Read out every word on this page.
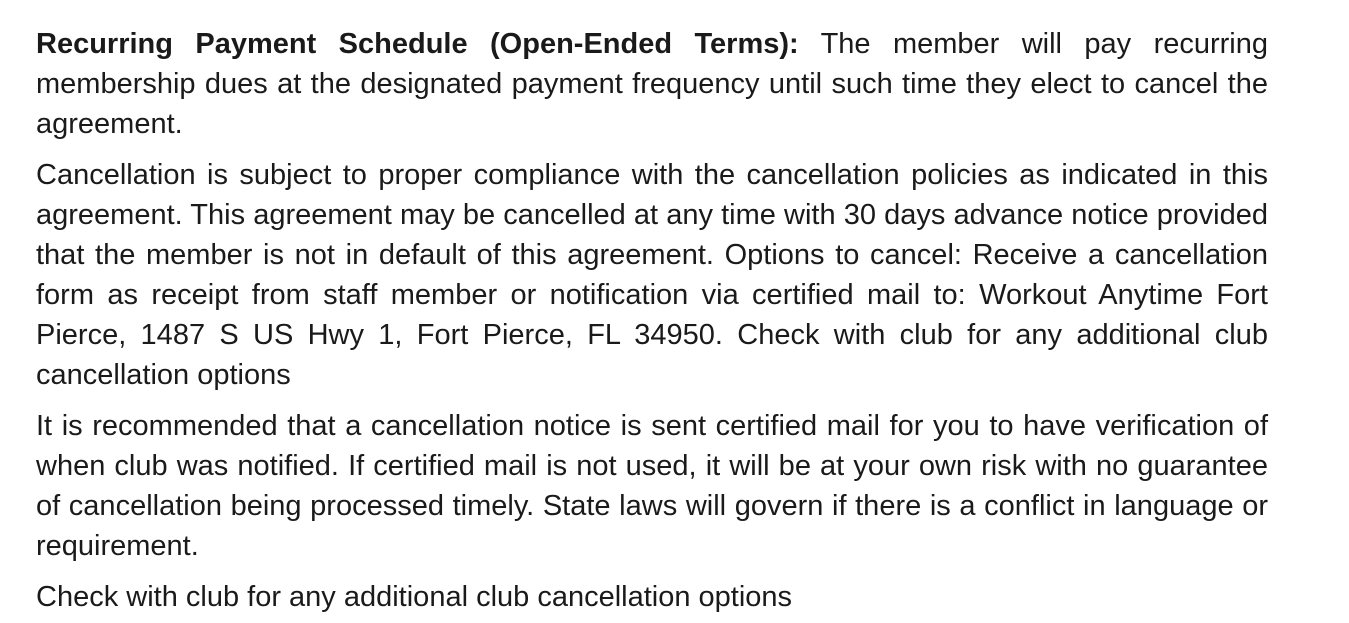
Recurring Payment Schedule (Open-Ended Terms): The member will pay recurring membership dues at the designated payment frequency until such time they elect to cancel the agreement.

Cancellation is subject to proper compliance with the cancellation policies as indicated in this agreement. This agreement may be cancelled at any time with 30 days advance notice provided that the member is not in default of this agreement. Options to cancel: Receive a cancellation form as receipt from staff member or notification via certified mail to: Workout Anytime Fort Pierce, 1487 S US Hwy 1, Fort Pierce, FL 34950. Check with club for any additional club cancellation options

It is recommended that a cancellation notice is sent certified mail for you to have verification of when club was notified. If certified mail is not used, it will be at your own risk with no guarantee of cancellation being processed timely. State laws will govern if there is a conflict in language or requirement.

Check with club for any additional club cancellation options
